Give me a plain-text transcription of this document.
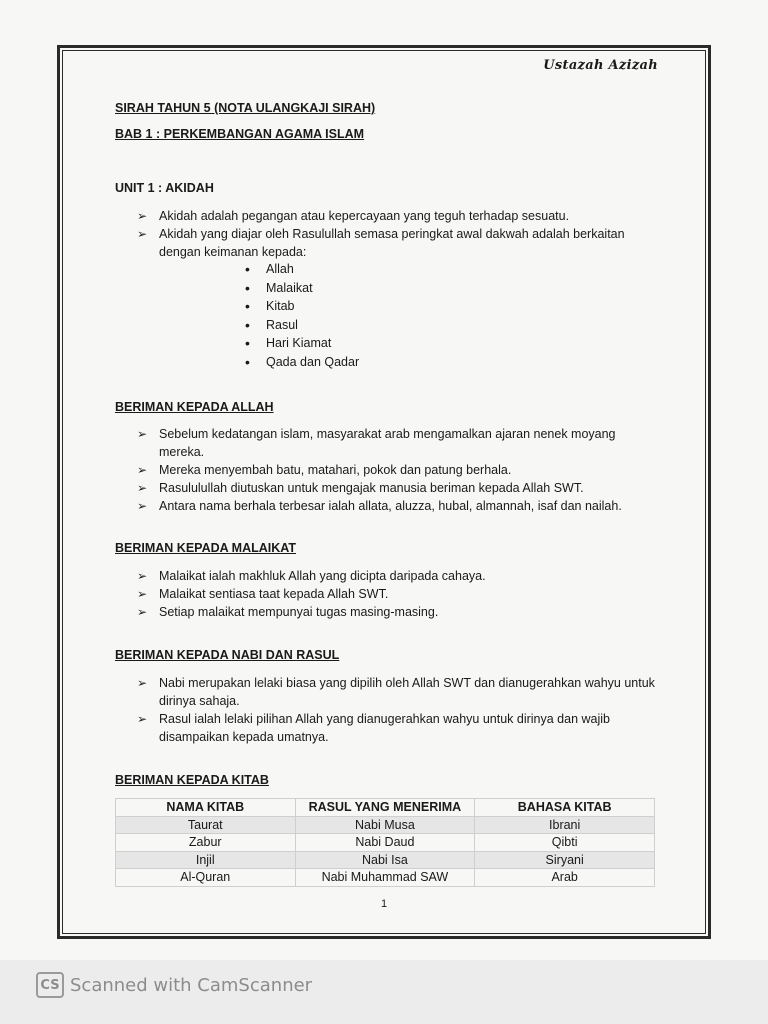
Ustazah Azizah

SIRAH TAHUN 5 (NOTA ULANGKAJI SIRAH)

BAB 1 : PERKEMBANGAN AGAMA ISLAM

UNIT 1 : AKIDAH

➢ Akidah adalah pegangan atau kepercayaan yang teguh terhadap sesuatu.
➢ Akidah yang diajar oleh Rasulullah semasa peringkat awal dakwah adalah berkaitan dengan keimanan kepada:
• Allah
• Malaikat
• Kitab
• Rasul
• Hari Kiamat
• Qada dan Qadar

BERIMAN KEPADA ALLAH

➢ Sebelum kedatangan islam, masyarakat arab mengamalkan ajaran nenek moyang mereka.
➢ Mereka menyembah batu, matahari, pokok dan patung berhala.
➢ Rasululullah diutuskan untuk mengajak manusia beriman kepada Allah SWT.
➢ Antara nama berhala terbesar ialah allata, aluzza, hubal, almannah, isaf dan nailah.

BERIMAN KEPADA MALAIKAT

➢ Malaikat ialah makhluk Allah yang dicipta daripada cahaya.
➢ Malaikat sentiasa taat kepada Allah SWT.
➢ Setiap malaikat mempunyai tugas masing-masing.

BERIMAN KEPADA NABI DAN RASUL

➢ Nabi merupakan lelaki biasa yang dipilih oleh Allah SWT dan dianugerahkan wahyu untuk dirinya sahaja.
➢ Rasul ialah lelaki pilihan Allah yang dianugerahkan wahyu untuk dirinya dan wajib disampaikan kepada umatnya.

BERIMAN KEPADA KITAB

NAMA KITAB	RASUL YANG MENERIMA	BAHASA KITAB
Taurat	Nabi Musa	Ibrani
Zabur	Nabi Daud	Qibti
Injil	Nabi Isa	Siryani
Al-Quran	Nabi Muhammad SAW	Arab
1
CS Scanned with CamScanner
